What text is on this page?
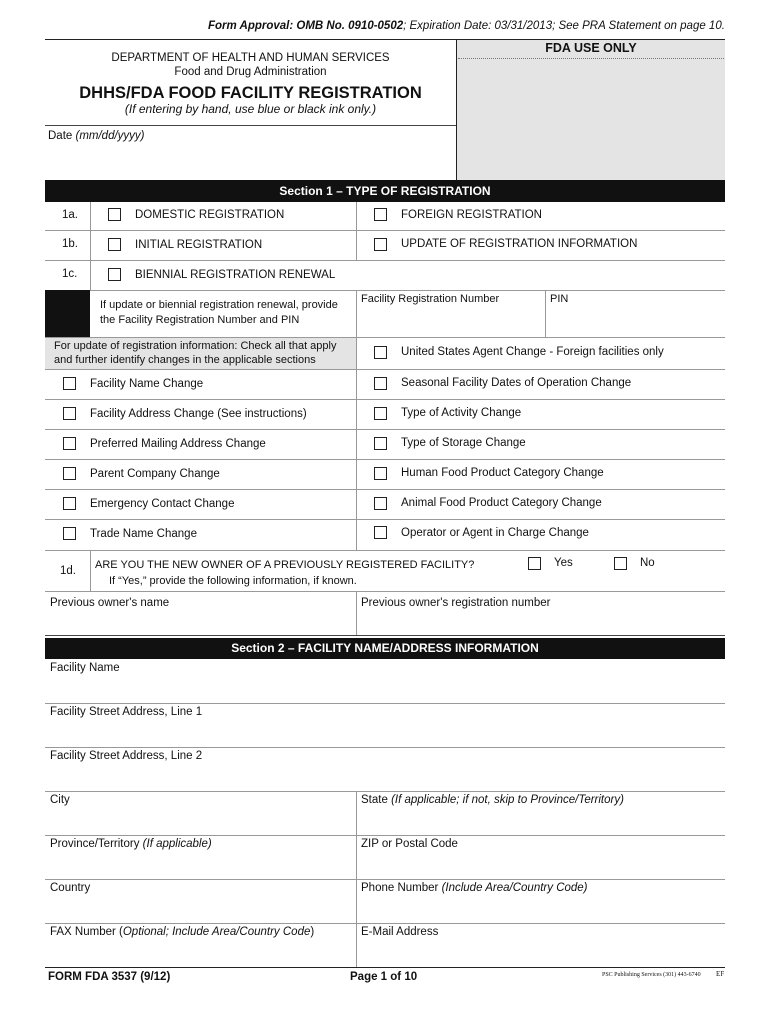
Form Approval: OMB No. 0910-0502; Expiration Date: 03/31/2013; See PRA Statement on page 10.
FDA USE ONLY
DEPARTMENT OF HEALTH AND HUMAN SERVICES
Food and Drug Administration
DHHS/FDA FOOD FACILITY REGISTRATION
(If entering by hand, use blue or black ink only.)
Date (mm/dd/yyyy)
Section 1 – TYPE OF REGISTRATION
1a.	DOMESTIC REGISTRATION	FOREIGN REGISTRATION
1b.	INITIAL REGISTRATION	UPDATE OF REGISTRATION INFORMATION
1c.	BIENNIAL REGISTRATION RENEWAL
If update or biennial registration renewal, provide
the Facility Registration Number and PIN
Facility Registration Number	PIN
For update of registration information: Check all that apply
and further identify changes in the applicable sections
United States Agent Change - Foreign facilities only
Facility Name Change	Seasonal Facility Dates of Operation Change
Facility Address Change (See instructions)	Type of Activity Change
Preferred Mailing Address Change	Type of Storage Change
Parent Company Change	Human Food Product Category Change
Emergency Contact Change	Animal Food Product Category Change
Trade Name Change	Operator or Agent in Charge Change
1d. ARE YOU THE NEW OWNER OF A PREVIOUSLY REGISTERED FACILITY?	Yes	No
If “Yes,” provide the following information, if known.
Previous owner's name	Previous owner's registration number
Section 2 – FACILITY NAME/ADDRESS INFORMATION
Facility Name
Facility Street Address, Line 1
Facility Street Address, Line 2
City	State (If applicable; if not, skip to Province/Territory)
Province/Territory (If applicable)	ZIP or Postal Code
Country	Phone Number (Include Area/Country Code)
FAX Number (Optional; Include Area/Country Code)	E-Mail Address
FORM FDA 3537 (9/12)	Page 1 of 10	PSC Publishing Services (301) 443-6740 EF
